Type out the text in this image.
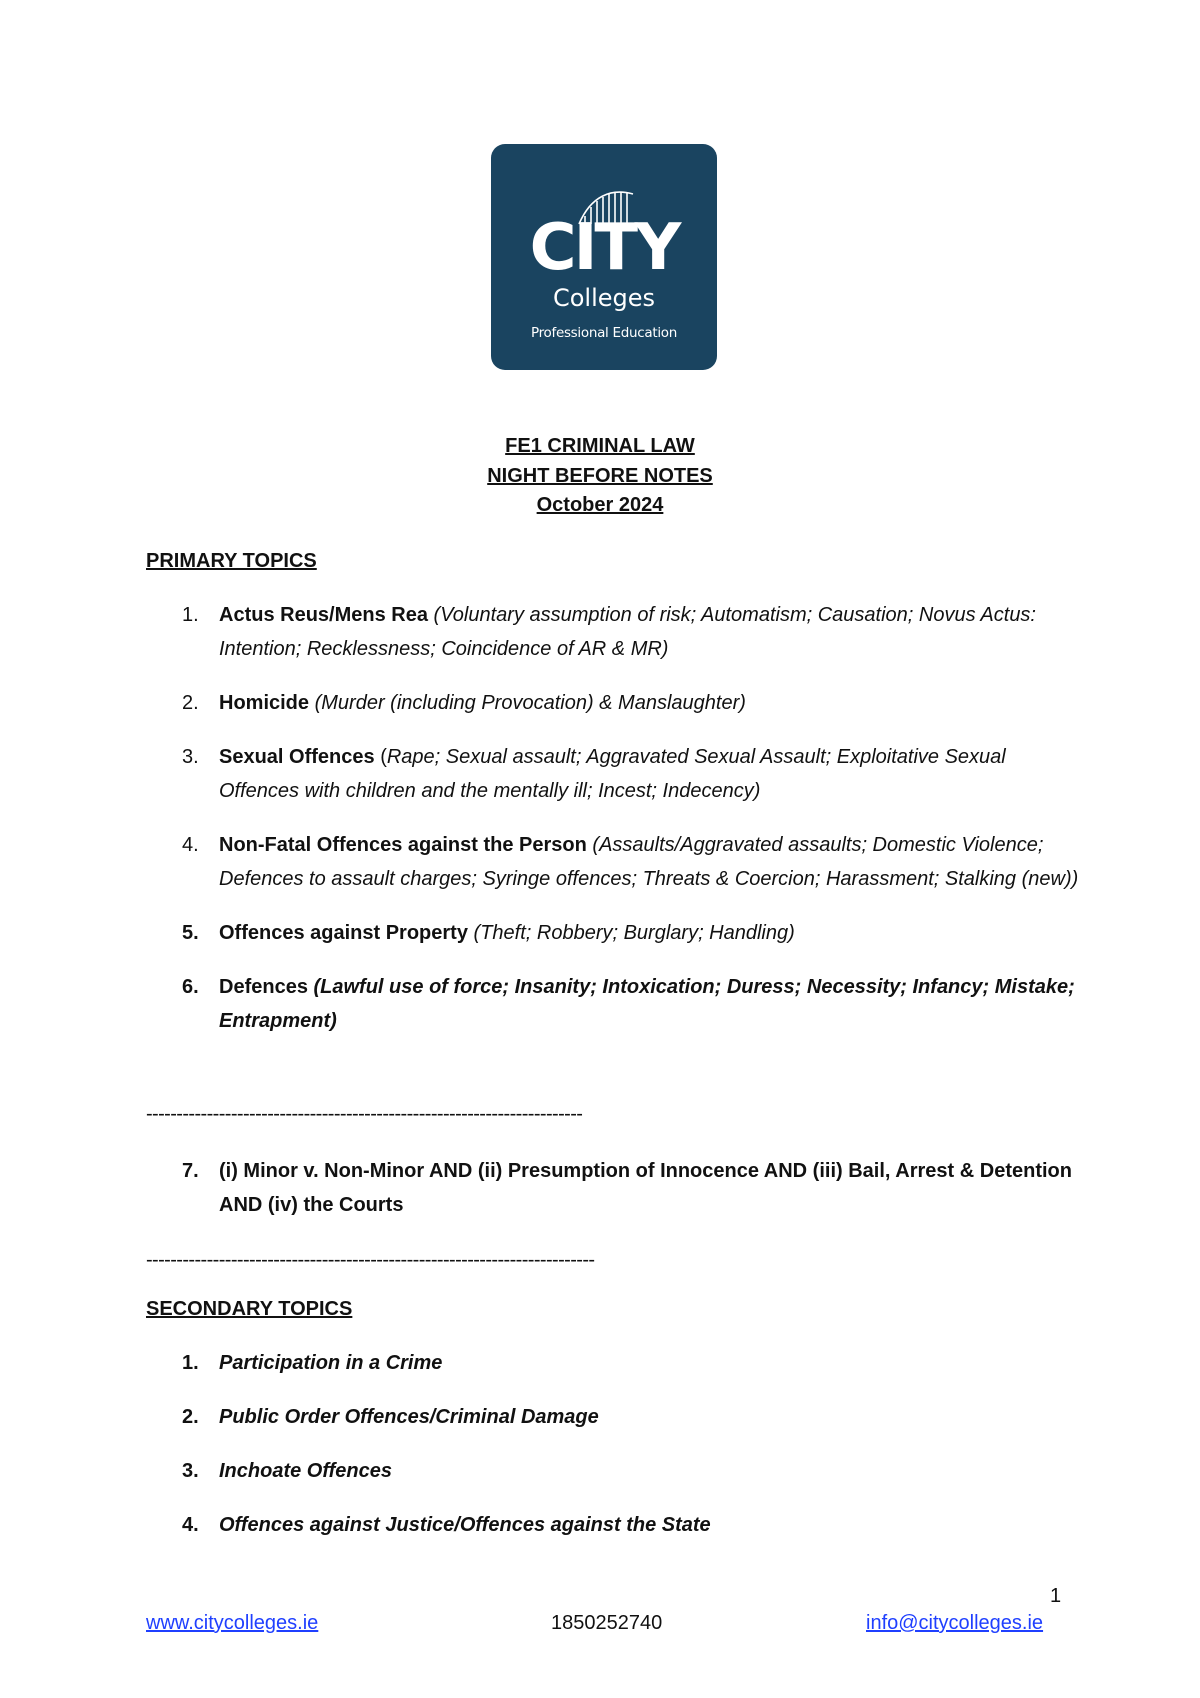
CITY
Colleges
Professional Education
FE1 CRIMINAL LAW
NIGHT BEFORE NOTES
October 2024
PRIMARY TOPICS
1. Actus Reus/Mens Rea (Voluntary assumption of risk; Automatism; Causation; Novus Actus: Intention; Recklessness; Coincidence of AR & MR)
2. Homicide (Murder (including Provocation) & Manslaughter)
3. Sexual Offences (Rape; Sexual assault; Aggravated Sexual Assault; Exploitative Sexual Offences with children and the mentally ill; Incest; Indecency)
4. Non-Fatal Offences against the Person (Assaults/Aggravated assaults; Domestic Violence; Defences to assault charges; Syringe offences; Threats & Coercion; Harassment; Stalking (new))
5. Offences against Property (Theft; Robbery; Burglary; Handling)
6. Defences (Lawful use of force; Insanity; Intoxication; Duress; Necessity; Infancy; Mistake; Entrapment)
------------------------------------------------------------------------
7. (i) Minor v. Non-Minor AND (ii) Presumption of Innocence AND (iii) Bail, Arrest & Detention AND (iv) the Courts
--------------------------------------------------------------------------
SECONDARY TOPICS
1. Participation in a Crime
2. Public Order Offences/Criminal Damage
3. Inchoate Offences
4. Offences against Justice/Offences against the State
1
www.citycolleges.ie	1850252740	info@citycolleges.ie
